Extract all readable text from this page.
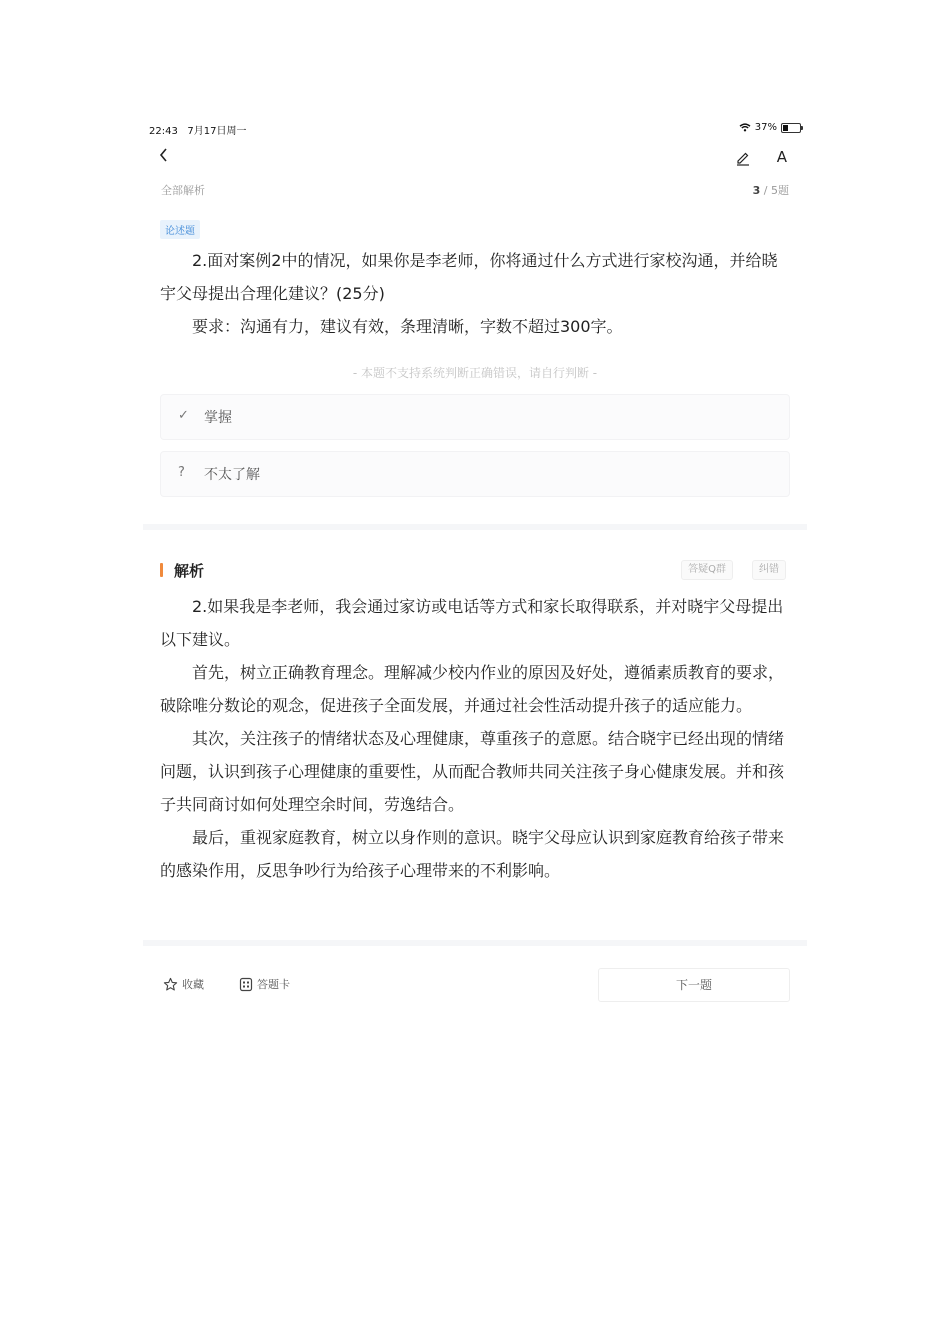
22:43 7月17日周一	37%
A
全部解析	3 / 5题
论述题

2.面对案例2中的情况，如果你是李老师，你将通过什么方式进行家校沟通，并给晓宇父母提出合理化建议？(25分)

要求：沟通有力，建议有效，条理清晰，字数不超过300字。

- 本题不支持系统判断正确错误，请自行判断 -
✓ 掌握
? 不太了解
解析	答疑Q群	纠错

2.如果我是李老师，我会通过家访或电话等方式和家长取得联系，并对晓宇父母提出以下建议。

首先，树立正确教育理念。理解减少校内作业的原因及好处，遵循素质教育的要求，破除唯分数论的观念，促进孩子全面发展，并通过社会性活动提升孩子的适应能力。

其次，关注孩子的情绪状态及心理健康，尊重孩子的意愿。结合晓宇已经出现的情绪问题，认识到孩子心理健康的重要性，从而配合教师共同关注孩子身心健康发展。并和孩子共同商讨如何处理空余时间，劳逸结合。

最后，重视家庭教育，树立以身作则的意识。晓宇父母应认识到家庭教育给孩子带来的感染作用，反思争吵行为给孩子心理带来的不利影响。

收藏	答题卡	下一题
